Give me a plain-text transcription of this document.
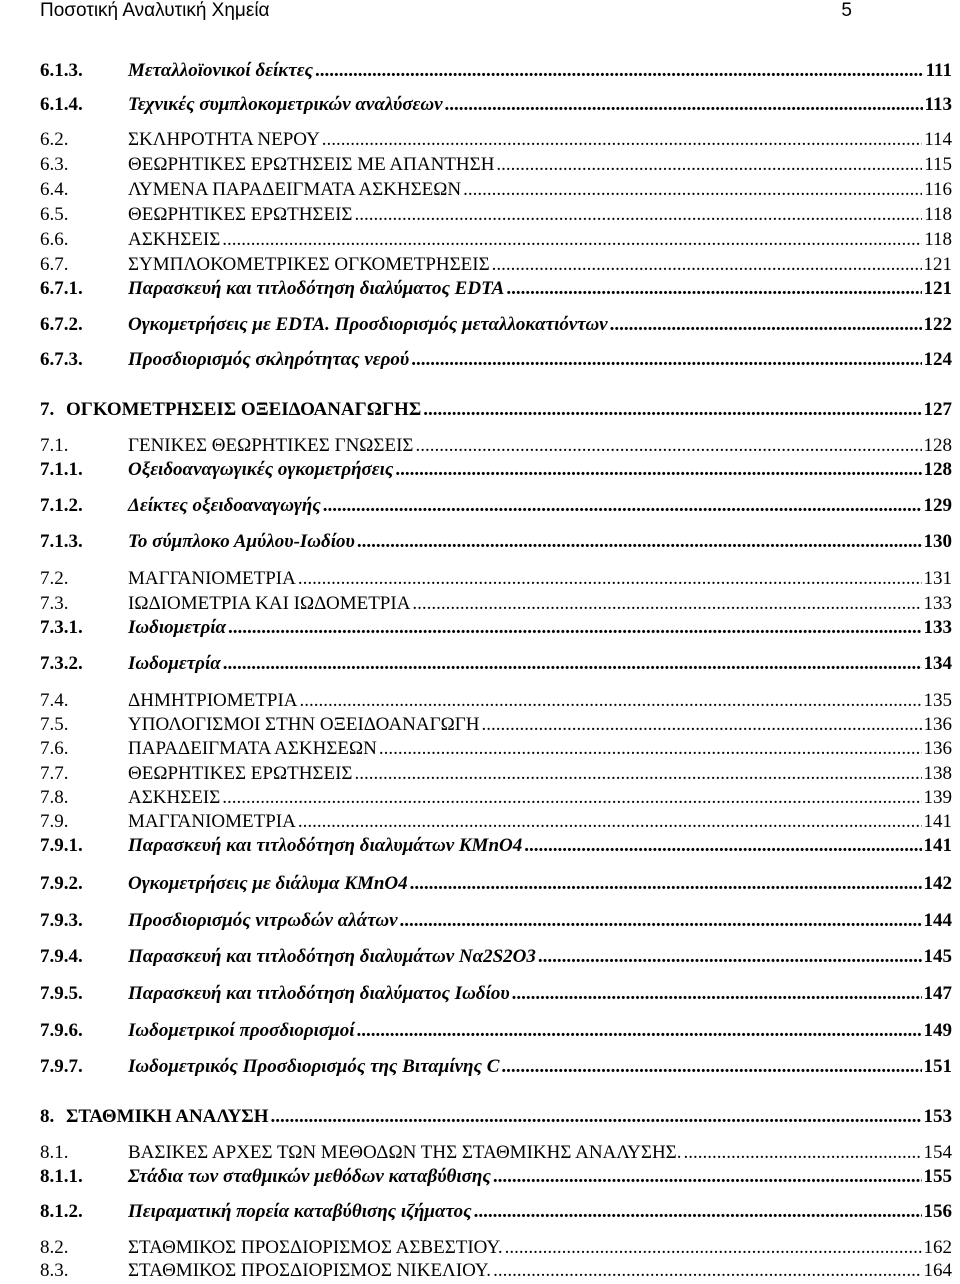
Ποσοτική Αναλυτική Χημεία	5
6.1.3.	Μεταλλοϊονικοί δείκτες .....	111
6.1.4.	Τεχνικές συμπλοκομετρικών αναλύσεων .....	113
6.2.	ΣΚΛΗΡΟΤΗΤΑ ΝΕΡΟΥ .....	114
6.3.	ΘΕΩΡΗΤΙΚΕΣ ΕΡΩΤΗΣΕΙΣ ΜΕ ΑΠΑΝΤΗΣΗ .....	115
6.4.	ΛΥΜΕΝΑ ΠΑΡΑΔΕΙΓΜΑΤΑ ΑΣΚΗΣΕΩΝ .....	116
6.5.	ΘΕΩΡΗΤΙΚΕΣ ΕΡΩΤΗΣΕΙΣ .....	118
6.6.	ΑΣΚΗΣΕΙΣ .....	118
6.7.	ΣΥΜΠΛΟΚΟΜΕΤΡΙΚΕΣ ΟΓΚΟΜΕΤΡΗΣΕΙΣ .....	121
6.7.1.	Παρασκευή και τιτλοδότηση διαλύματος EDTA .....	121
6.7.2.	Ογκομετρήσεις με EDTA. Προσδιορισμός μεταλλοκατιόντων .....	122
6.7.3.	Προσδιορισμός σκληρότητας νερού .....	124
7. ΟΓΚΟΜΕΤΡΗΣΕΙΣ ΟΞΕΙΔΟΑΝΑΓΩΓΗΣ .....	127
7.1.	ΓΕΝΙΚΕΣ ΘΕΩΡΗΤΙΚΕΣ ΓΝΩΣΕΙΣ .....	128
7.1.1.	Οξειδοαναγωγικές ογκομετρήσεις .....	128
7.1.2.	Δείκτες οξειδοαναγωγής .....	129
7.1.3.	Το σύμπλοκο Αμύλου-Ιωδίου .....	130
7.2.	ΜΑΓΓΑΝΙΟΜΕΤΡΙΑ .....	131
7.3.	ΙΩΔΙΟΜΕΤΡΙΑ ΚΑΙ ΙΩΔΟΜΕΤΡΙΑ .....	133
7.3.1.	Ιωδιομετρία .....	133
7.3.2.	Ιωδομετρία .....	134
7.4.	ΔΗΜΗΤΡΙΟΜΕΤΡΙΑ .....	135
7.5.	ΥΠΟΛΟΓΙΣΜΟΙ ΣΤΗΝ ΟΞΕΙΔΟΑΝΑΓΩΓΗ .....	136
7.6.	ΠΑΡΑΔΕΙΓΜΑΤΑ ΑΣΚΗΣΕΩΝ .....	136
7.7.	ΘΕΩΡΗΤΙΚΕΣ ΕΡΩΤΗΣΕΙΣ .....	138
7.8.	ΑΣΚΗΣΕΙΣ .....	139
7.9.	ΜΑΓΓΑΝΙΟΜΕΤΡΙΑ .....	141
7.9.1.	Παρασκευή και τιτλοδότηση διαλυμάτων KMnO4 .....	141
7.9.2.	Ογκομετρήσεις με διάλυμα KMnO4 .....	142
7.9.3.	Προσδιορισμός νιτρωδών αλάτων .....	144
7.9.4.	Παρασκευή και τιτλοδότηση διαλυμάτων Να2S2O3 .....	145
7.9.5.	Παρασκευή και τιτλοδότηση διαλύματος Ιωδίου .....	147
7.9.6.	Ιωδομετρικοί προσδιορισμοί .....	149
7.9.7.	Ιωδομετρικός Προσδιορισμός της Βιταμίνης C .....	151
8. ΣΤΑΘΜΙΚΗ ΑΝΑΛΥΣΗ .....	153
8.1.	ΒΑΣΙΚΕΣ ΑΡΧΕΣ ΤΩΝ ΜΕΘΟΔΩΝ ΤΗΣ ΣΤΑΘΜΙΚΗΣ ΑΝΑΛΥΣΗΣ. .....	154
8.1.1.	Στάδια των σταθμικών μεθόδων καταβύθισης .....	155
8.1.2.	Πειραματική πορεία καταβύθισης ιζήματος .....	156
8.2.	ΣΤΑΘΜΙΚΟΣ ΠΡΟΣΔΙΟΡΙΣΜΟΣ ΑΣΒΕΣΤΙΟΥ. .....	162
8.3.	ΣΤΑΘΜΙΚΟΣ ΠΡΟΣΔΙΟΡΙΣΜΟΣ ΝΙΚΕΛΙΟΥ. .....	164
